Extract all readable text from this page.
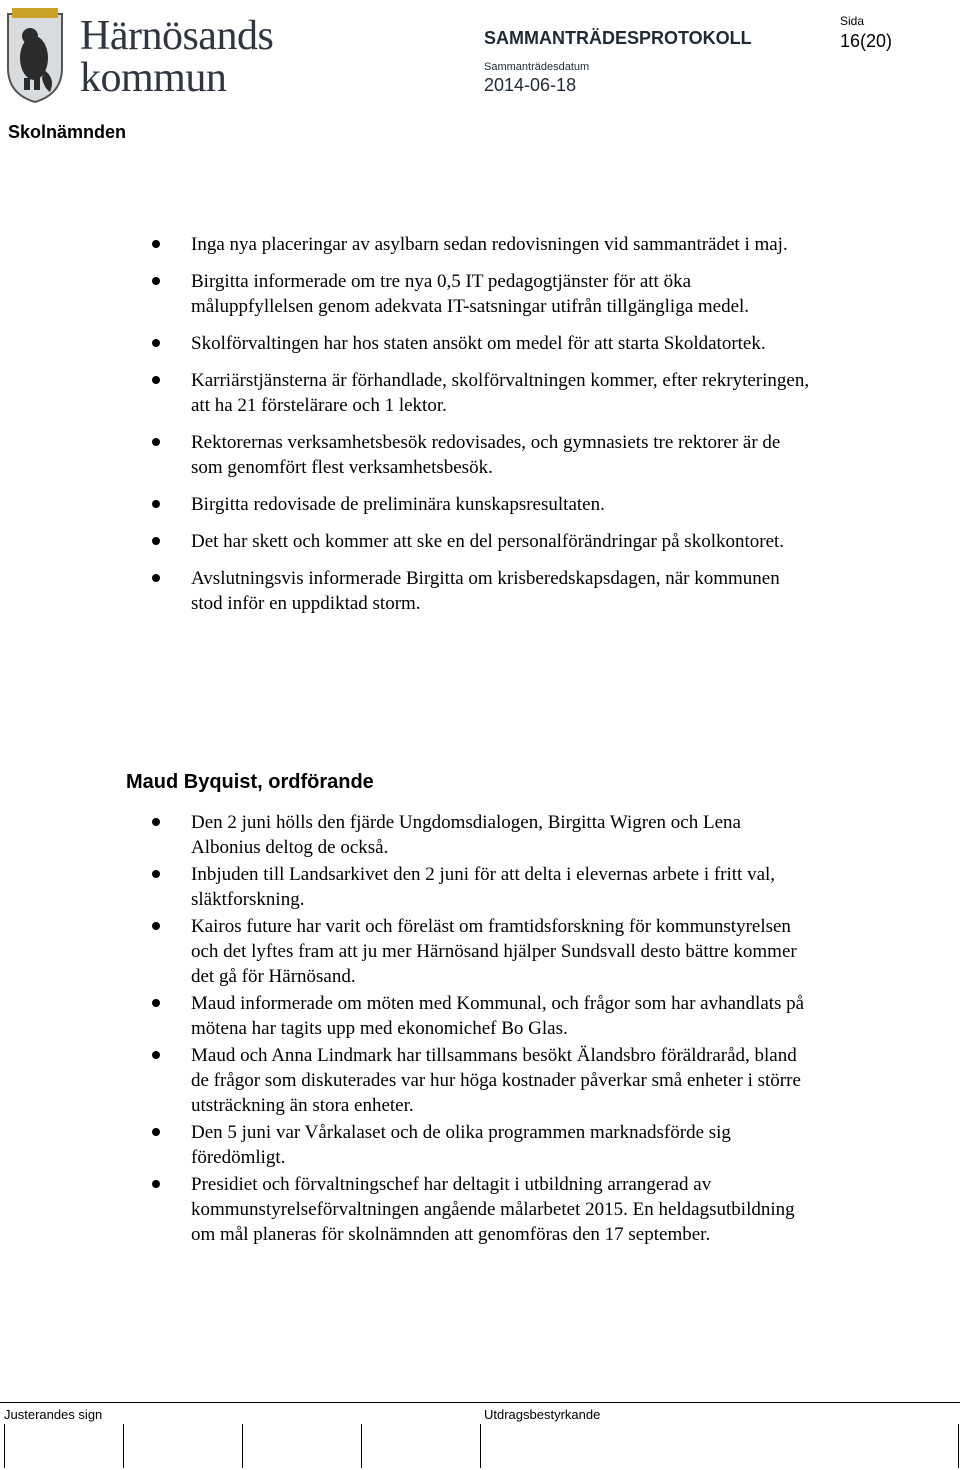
Härnösands
kommun
SAMMANTRÄDESPROTOKOLL
Sammanträdesdatum
2014-06-18
Sida
16(20)
Skolnämnden
Inga nya placeringar av asylbarn sedan redovisningen vid sammanträdet i maj.
Birgitta informerade om tre nya 0,5 IT pedagogtjänster för att öka måluppfyllelsen genom adekvata IT-satsningar utifrån tillgängliga medel.
Skolförvaltingen har hos staten ansökt om medel för att starta Skoldatortek.
Karriärstjänsterna är förhandlade, skolförvaltningen kommer, efter rekryteringen, att ha 21 förstelärare och 1 lektor.
Rektorernas verksamhetsbesök redovisades, och gymnasiets tre rektorer är de som genomfört flest verksamhetsbesök.
Birgitta redovisade de preliminära kunskapsresultaten.
Det har skett och kommer att ske en del personalförändringar på skolkontoret.
Avslutningsvis informerade Birgitta om krisberedskapsdagen, när kommunen stod inför en uppdiktad storm.
Maud Byquist, ordförande
Den 2 juni hölls den fjärde Ungdomsdialogen, Birgitta Wigren och Lena Albonius deltog de också.
Inbjuden till Landsarkivet den 2 juni för att delta i elevernas arbete i fritt val, släktforskning.
Kairos future har varit och föreläst om framtidsforskning för kommunstyrelsen och det lyftes fram att ju mer Härnösand hjälper Sundsvall desto bättre kommer det gå för Härnösand.
Maud informerade om möten med Kommunal, och frågor som har avhandlats på mötena har tagits upp med ekonomichef Bo Glas.
Maud och Anna Lindmark har tillsammans besökt Älandsbro föräldraråd, bland de frågor som diskuterades var hur höga kostnader påverkar små enheter i större utsträckning än stora enheter.
Den 5 juni var Vårkalaset och de olika programmen marknadsförde sig föredömligt.
Presidiet och förvaltningschef har deltagit i utbildning arrangerad av kommunstyrelseförvaltningen angående målarbetet 2015. En heldagsutbildning om mål planeras för skolnämnden att genomföras den 17 september.
Justerandes sign	Utdragsbestyrkande
